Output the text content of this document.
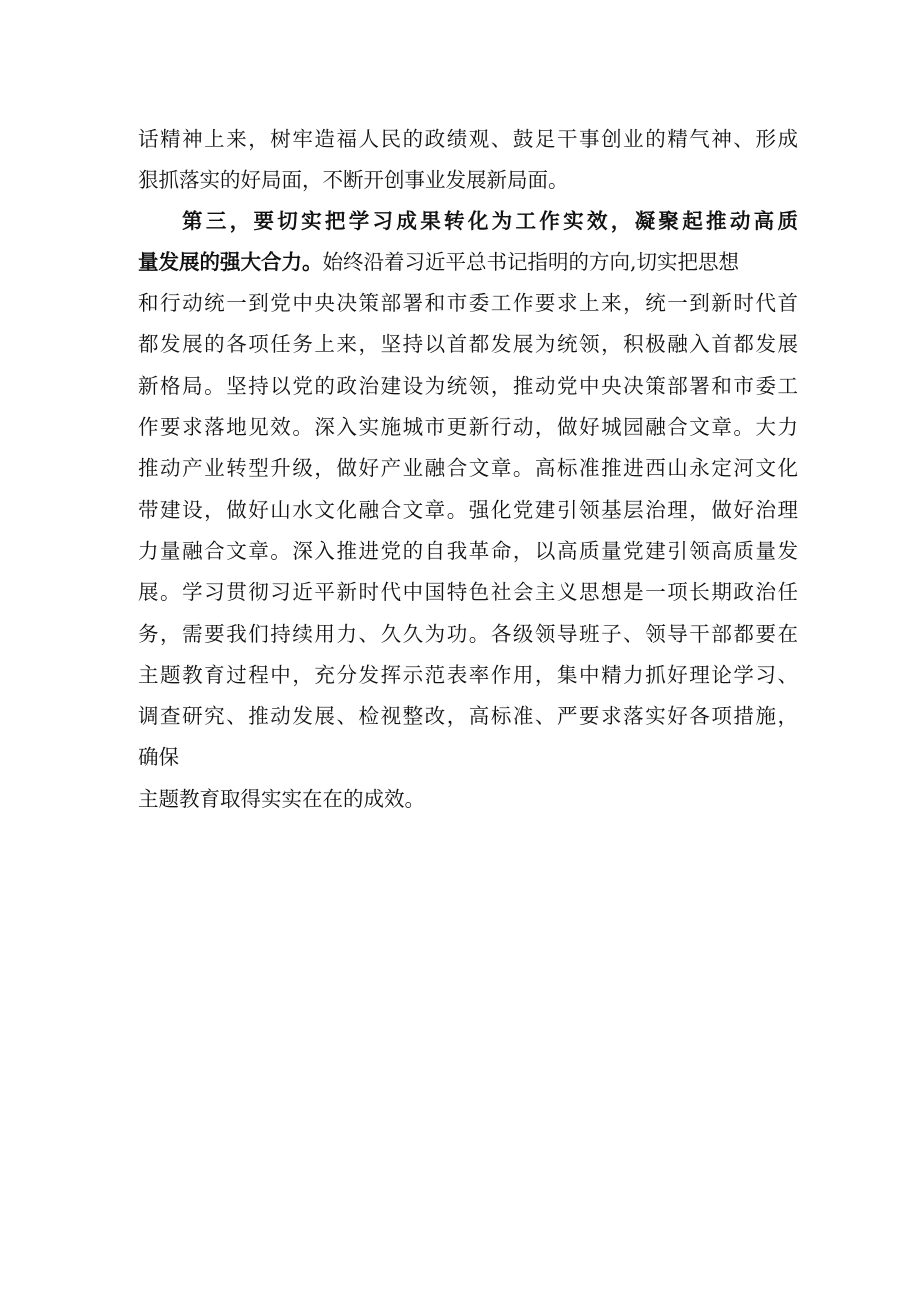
话精神上来，树牢造福人民的政绩观、鼓足干事创业的精气神、形成
狠抓落实的好局面，不断开创事业发展新局面。
第三，要切实把学习成果转化为工作实效，凝聚起推动高质
量发展的强大合力。始终沿着习近平总书记指明的方向,切实把思想
和行动统一到党中央决策部署和市委工作要求上来，统一到新时代首
都发展的各项任务上来，坚持以首都发展为统领，积极融入首都发展
新格局。坚持以党的政治建设为统领，推动党中央决策部署和市委工
作要求落地见效。深入实施城市更新行动，做好城园融合文章。大力
推动产业转型升级，做好产业融合文章。高标准推进西山永定河文化
带建设，做好山水文化融合文章。强化党建引领基层治理，做好治理
力量融合文章。深入推进党的自我革命，以高质量党建引领高质量发
展。学习贯彻习近平新时代中国特色社会主义思想是一项长期政治任
务，需要我们持续用力、久久为功。各级领导班子、领导干部都要在
主题教育过程中，充分发挥示范表率作用，集中精力抓好理论学习、
调查研究、推动发展、检视整改，高标准、严要求落实好各项措施，
确保
主题教育取得实实在在的成效。
